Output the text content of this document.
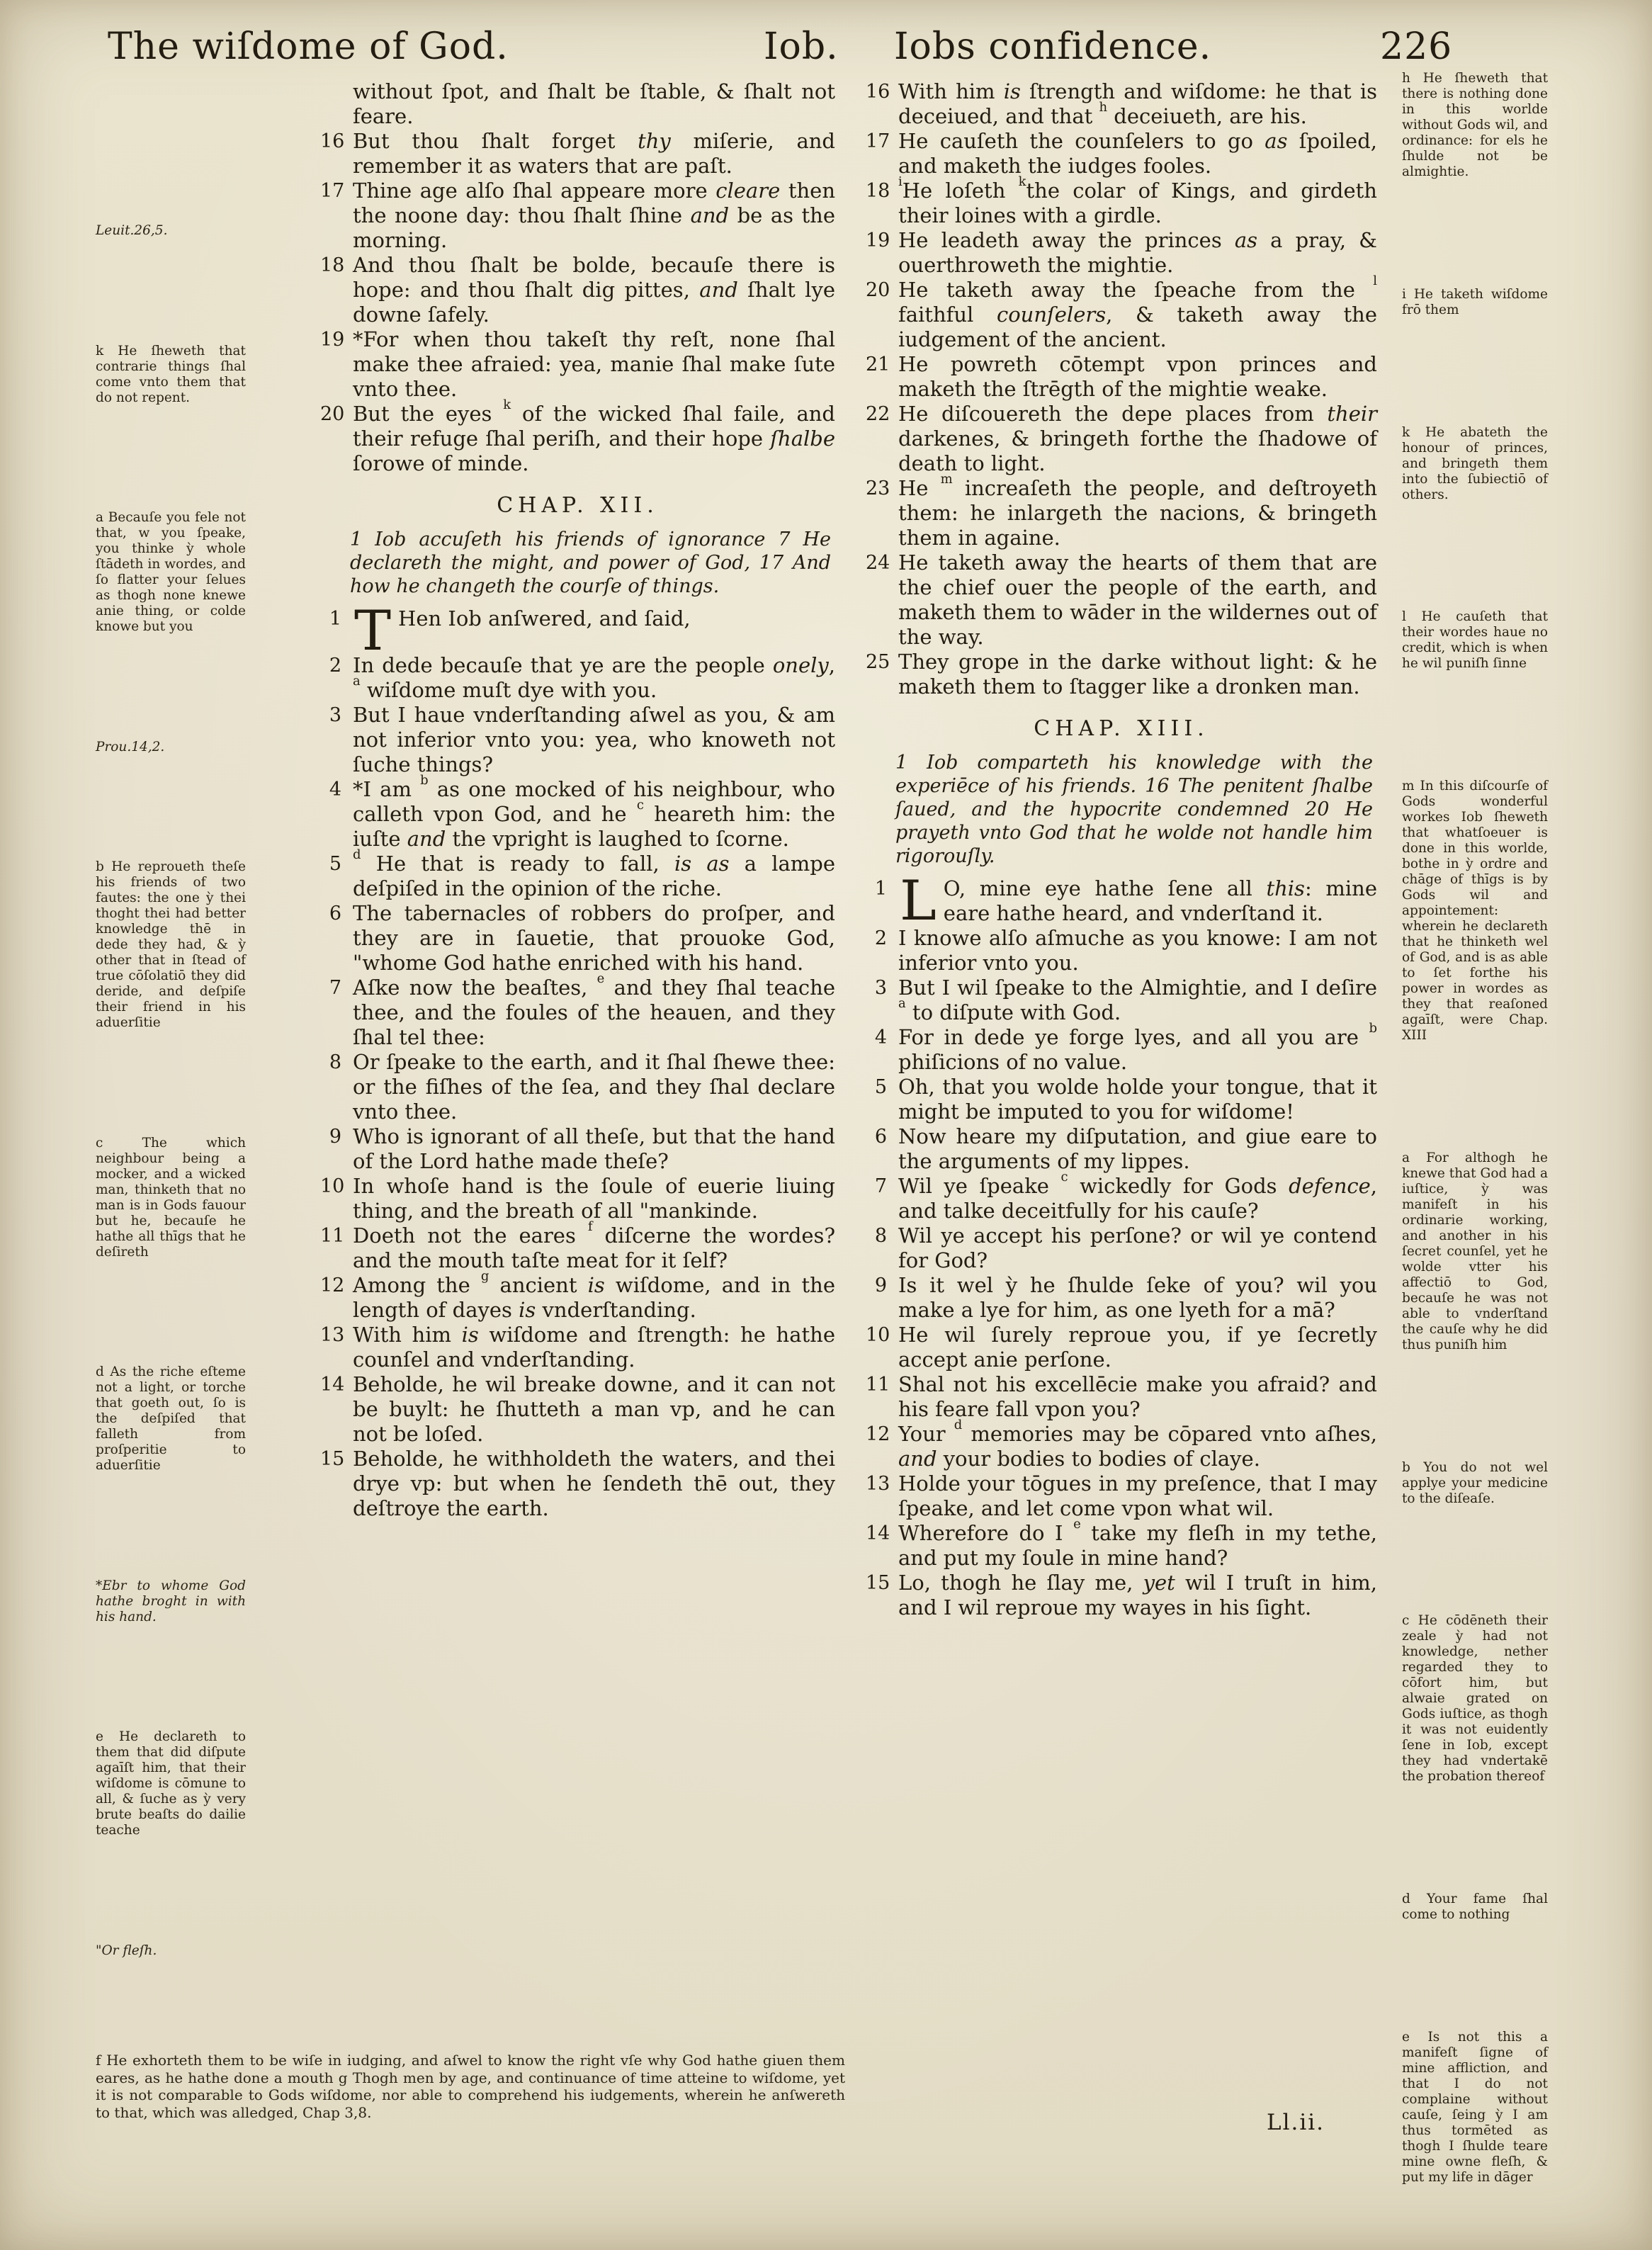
The wiſdome of God.	Iob. Iobs confidence.	226
Leuit.26,5.
k He ſheweth that contrarie things ſhal come vnto them that do not repent.
a Becauſe you fele not that, w you ſpeake, you thinke ỳ whole ſtādeth in wordes, and ſo flatter your ſelues as thogh none knewe anie thing, or colde knowe but you
Prou.14,2.
b He reproueth theſe his friends of two fautes: the one ỳ thei thoght thei had better knowledge thē in dede they had, & ỳ other that in ſtead of true cōſolatiō they did deride, and deſpiſe their friend in his aduerſitie
c The which neighbour being a mocker, and a wicked man, thinketh that no man is in Gods fauour but he, becauſe he hathe all thīgs that he deſireth
d As the riche eſteme not a light, or torche that goeth out, ſo is the deſpiſed that falleth from proſperitie to aduerſitie
*Ebr to whome God hathe broght in with his hand.
e He declareth to them that did diſpute agaīſt him, that their wiſdome is cōmune to all, & ſuche as ỳ very brute beaſts do dailie teache
"Or fleſh.
without ſpot, and ſhalt be ſtable, & ſhalt not feare.
16 But thou ſhalt forget thy miſerie, and remember it as waters that are paſt.
17 Thine age alſo ſhal appeare more cleare then the noone day: thou ſhalt ſhine and be as the morning.
18 And thou ſhalt be bolde, becauſe there is hope: and thou ſhalt dig pittes, and ſhalt lye downe ſafely.
19 *For when thou takeſt thy reſt, none ſhal make thee afraied: yea, manie ſhal make ſute vnto thee.
20 But the eyes $^k$ of the wicked ſhal faile, and their refuge ſhal periſh, and their hope ſhalbe ſorowe of minde.
CHAP. XII.
1 Iob accuſeth his friends of ignorance 7 He declareth the might, and power of God, 17 And how he changeth the courſe of things.
1 T Hen Iob anſwered, and ſaid,
2 In dede becauſe that ye are the people onely, $^a$ wiſdome muſt dye with you.
3 But I haue vnderſtanding aſwel as you, & am not inferior vnto you: yea, who knoweth not ſuche things?
4 *I am $^b$ as one mocked of his neighbour, who calleth vpon God, and he $^c$ heareth him: the iuſte and the vpright is laughed to ſcorne.
5 $^d$ He that is ready to fall, is as a lampe deſpiſed in the opinion of the riche.
6 The tabernacles of robbers do proſper, and they are in ſauetie, that prouoke God, "whome God hathe enriched with his hand.
7 Aſke now the beaſtes, $^e$ and they ſhal teache thee, and the foules of the heauen, and they ſhal tel thee:
8 Or ſpeake to the earth, and it ſhal ſhewe thee: or the fiſhes of the ſea, and they ſhal declare vnto thee.
9 Who is ignorant of all theſe, but that the hand of the Lord hathe made theſe?
10 In whoſe hand is the ſoule of euerie liuing thing, and the breath of all "mankinde.
11 Doeth not the eares $^f$ diſcerne the wordes? and the mouth taſte meat for it ſelf?
12 Among the $^g$ ancient is wiſdome, and in the length of dayes is vnderſtanding.
13 With him is wiſdome and ſtrength: he hathe counſel and vnderſtanding.
14 Beholde, he wil breake downe, and it can not be buylt: he ſhutteth a man vp, and he can not be loſed.
15 Beholde, he withholdeth the waters, and thei drye vp: but when he ſendeth thē out, they deſtroye the earth.
16 With him is ſtrength and wiſdome: he that is deceiued, and that $^h$ deceiueth, are his.
17 He cauſeth the counſelers to go as ſpoiled, and maketh the iudges fooles.
18 $^i$He loſeth $^k$the colar of Kings, and girdeth their loines with a girdle.
19 He leadeth away the princes as a pray, & ouerthroweth the mightie.
20 He taketh away the ſpeache from the $^l$ faithful counſelers, & taketh away the iudgement of the ancient.
21 He powreth cōtempt vpon princes and maketh the ſtrēgth of the mightie weake.
22 He diſcouereth the depe places from their darkenes, & bringeth forthe the ſhadowe of death to light.
23 He $^m$ increaſeth the people, and deſtroyeth them: he inlargeth the nacions, & bringeth them in againe.
24 He taketh away the hearts of them that are the chief ouer the people of the earth, and maketh them to wāder in the wildernes out of the way.
25 They grope in the darke without light: & he maketh them to ſtagger like a dronken man.
CHAP. XIII.
1 Iob comparteth his knowledge with the experiēce of his friends. 16 The penitent ſhalbe ſaued, and the hypocrite condemned 20 He prayeth vnto God that he wolde not handle him rigorouſly.
1 L O, mine eye hathe ſene all this: mine eare hathe heard, and vnderſtand it.
2 I knowe alſo aſmuche as you knowe: I am not inferior vnto you.
3 But I wil ſpeake to the Almightie, and I deſire $^a$ to diſpute with God.
4 For in dede ye forge lyes, and all you are $^b$ phiſicions of no value.
5 Oh, that you wolde holde your tongue, that it might be imputed to you for wiſdome!
6 Now heare my diſputation, and giue eare to the arguments of my lippes.
7 Wil ye ſpeake $^c$ wickedly for Gods defence, and talke deceitfully for his cauſe?
8 Wil ye accept his perſone? or wil ye contend for God?
9 Is it wel ỳ he ſhulde ſeke of you? wil you make a lye for him, as one lyeth for a mā?
10 He wil ſurely reproue you, if ye ſecretly accept anie perſone.
11 Shal not his excellēcie make you afraid? and his feare fall vpon you?
12 Your $^d$ memories may be cōpared vnto aſhes, and your bodies to bodies of claye.
13 Holde your tōgues in my preſence, that I may ſpeake, and let come vpon what wil.
14 Wherefore do I $^e$ take my fleſh in my tethe, and put my ſoule in mine hand?
15 Lo, thogh he ſlay me, yet wil I truſt in him, and I wil reproue my wayes in his ſight.
h He ſheweth that there is nothing done in this worlde without Gods wil, and ordinance: for els he ſhulde not be almightie.
i He taketh wiſdome frō them
k He abateth the honour of princes, and bringeth them into the ſubiectiō of others.
l He cauſeth that their wordes haue no credit, which is when he wil puniſh ſinne
m In this diſcourſe of Gods wonderful workes Iob ſheweth that whatſoeuer is done in this worlde, bothe in ỳ ordre and chāge of thīgs is by Gods wil and appointement: wherein he declareth that he thinketh wel of God, and is as able to ſet forthe his power in wordes as they that reaſoned agaīſt, were Chap. XIII
a For althogh he knewe that God had a iuſtice, ỳ was manifeſt in his ordinarie working, and another in his ſecret counſel, yet he wolde vtter his affectiō to God, becauſe he was not able to vnderſtand the cauſe why he did thus puniſh him
b You do not wel applye your medicine to the diſeaſe.
c He cōdēneth their zeale ỳ had not knowledge, nether regarded they to cōfort him, but alwaie grated on Gods iuſtice, as thogh it was not euidently ſene in Iob, except they had vndertakē the probation thereof
d Your fame ſhal come to nothing
e Is not this a manifeſt ſigne of mine affliction, and that I do not complaine without cauſe, ſeing ỳ I am thus tormēted as thogh I ſhulde teare mine owne fleſh, & put my life in dāger
f He exhorteth them to be wiſe in iudging, and aſwel to know the right vſe why God hathe giuen them eares, as he hathe done a mouth g Thogh men by age, and continuance of time atteine to wiſdome, yet it is not comparable to Gods wiſdome, nor able to comprehend his iudgements, wherein he anſwereth to that, which was alledged, Chap 3,8.	Ll.ii.
